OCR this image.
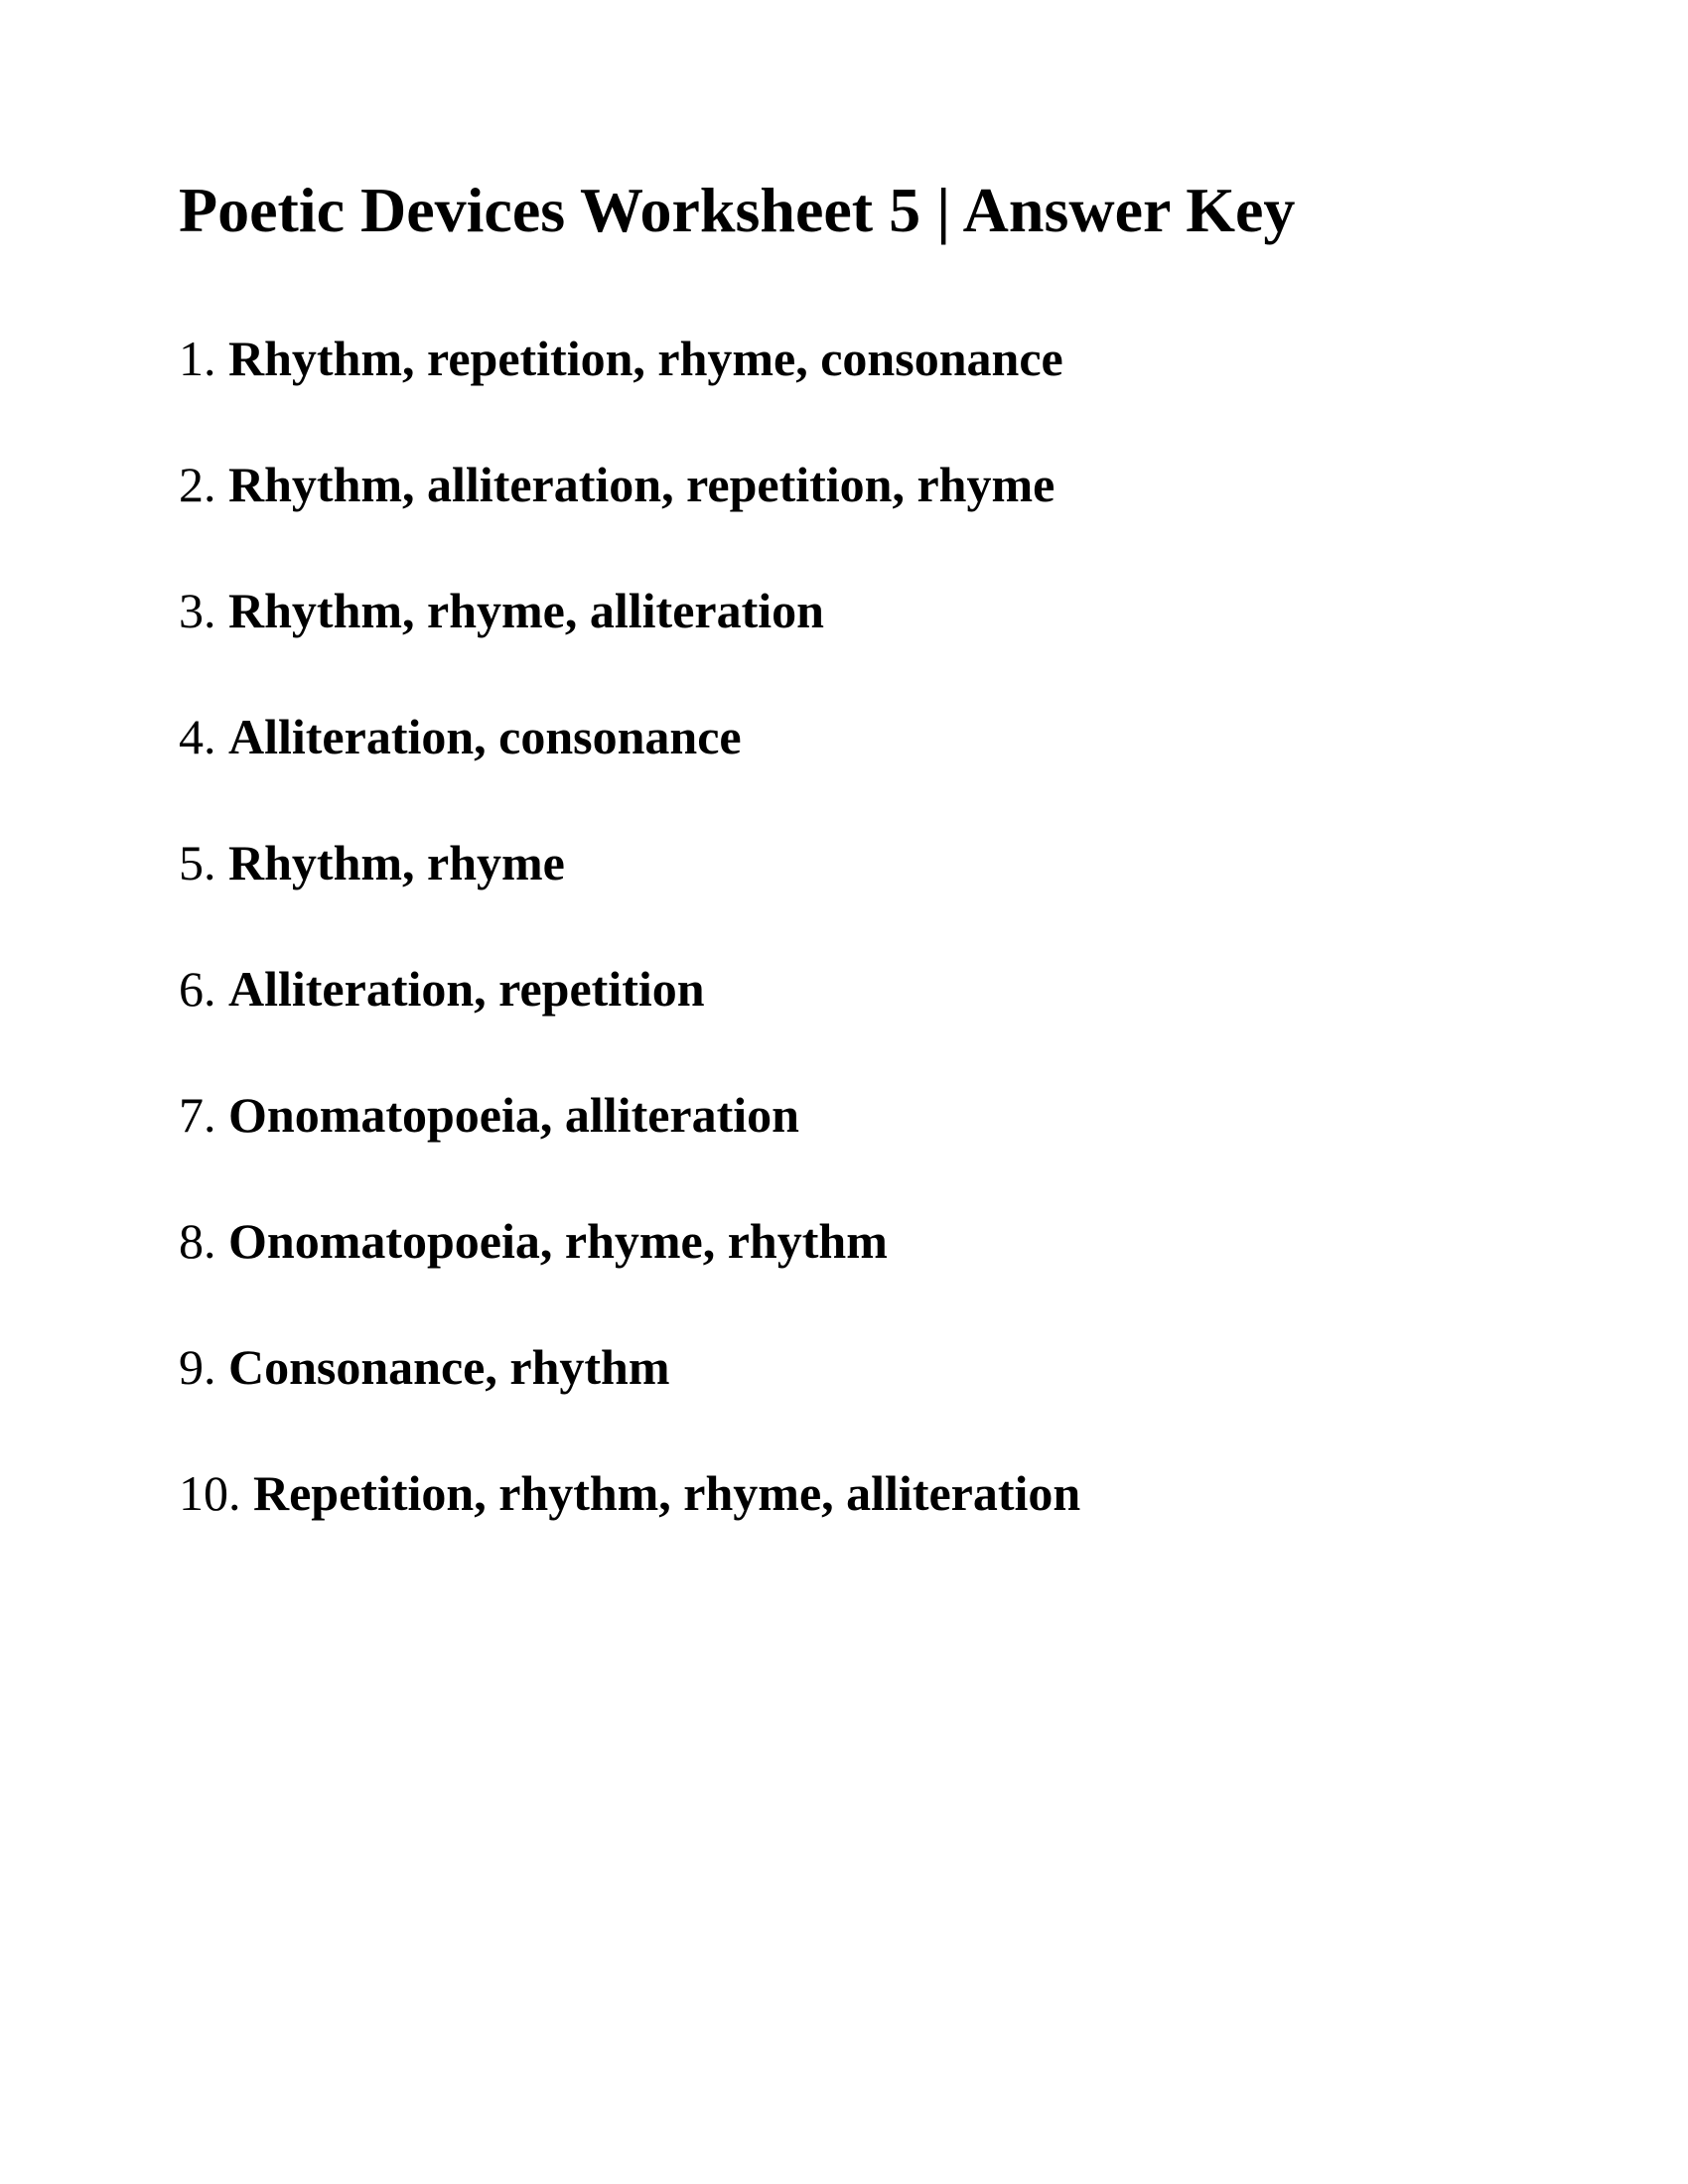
Poetic Devices Worksheet 5 | Answer Key
1. Rhythm, repetition, rhyme, consonance
2. Rhythm, alliteration, repetition, rhyme
3. Rhythm, rhyme, alliteration
4. Alliteration, consonance
5. Rhythm, rhyme
6. Alliteration, repetition
7. Onomatopoeia, alliteration
8. Onomatopoeia, rhyme, rhythm
9. Consonance, rhythm
10. Repetition, rhythm, rhyme, alliteration
